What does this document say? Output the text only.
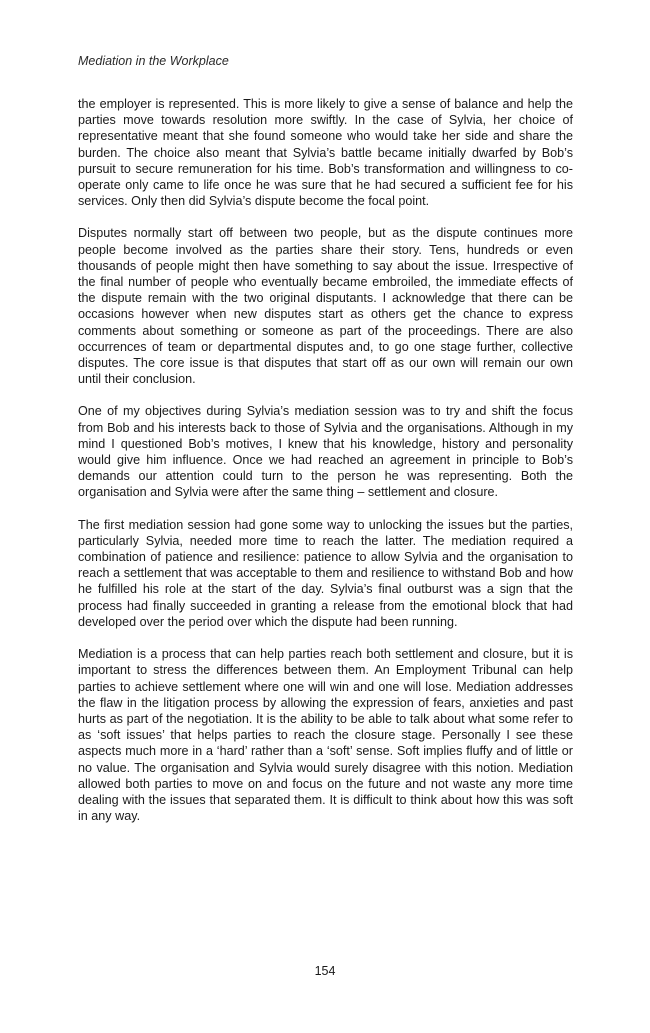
Mediation in the Workplace

the employer is represented. This is more likely to give a sense of balance and help the parties move towards resolution more swiftly. In the case of Sylvia, her choice of representative meant that she found someone who would take her side and share the burden. The choice also meant that Sylvia’s battle became initially dwarfed by Bob’s pursuit to secure remuneration for his time. Bob’s transformation and willingness to co-operate only came to life once he was sure that he had secured a sufficient fee for his services. Only then did Sylvia’s dispute become the focal point.

Disputes normally start off between two people, but as the dispute continues more people become involved as the parties share their story. Tens, hundreds or even thousands of people might then have something to say about the issue. Irrespective of the final number of people who eventually became embroiled, the immediate effects of the dispute remain with the two original disputants. I acknowledge that there can be occasions however when new disputes start as others get the chance to express comments about something or someone as part of the proceedings. There are also occurrences of team or departmental disputes and, to go one stage further, collective disputes. The core issue is that disputes that start off as our own will remain our own until their conclusion.

One of my objectives during Sylvia’s mediation session was to try and shift the focus from Bob and his interests back to those of Sylvia and the organisations. Although in my mind I questioned Bob’s motives, I knew that his knowledge, history and personality would give him influence. Once we had reached an agreement in principle to Bob’s demands our attention could turn to the person he was representing. Both the organisation and Sylvia were after the same thing – settlement and closure.

The first mediation session had gone some way to unlocking the issues but the parties, particularly Sylvia, needed more time to reach the latter. The mediation required a combination of patience and resilience: patience to allow Sylvia and the organisation to reach a settlement that was acceptable to them and resilience to withstand Bob and how he fulfilled his role at the start of the day. Sylvia’s final outburst was a sign that the process had finally succeeded in granting a release from the emotional block that had developed over the period over which the dispute had been running.

Mediation is a process that can help parties reach both settlement and closure, but it is important to stress the differences between them. An Employment Tribunal can help parties to achieve settlement where one will win and one will lose. Mediation addresses the flaw in the litigation process by allowing the expression of fears, anxieties and past hurts as part of the negotiation. It is the ability to be able to talk about what some refer to as ‘soft issues’ that helps parties to reach the closure stage. Personally I see these aspects much more in a ‘hard’ rather than a ‘soft’ sense. Soft implies fluffy and of little or no value. The organisation and Sylvia would surely disagree with this notion. Mediation allowed both parties to move on and focus on the future and not waste any more time dealing with the issues that separated them. It is difficult to think about how this was soft in any way.

154
